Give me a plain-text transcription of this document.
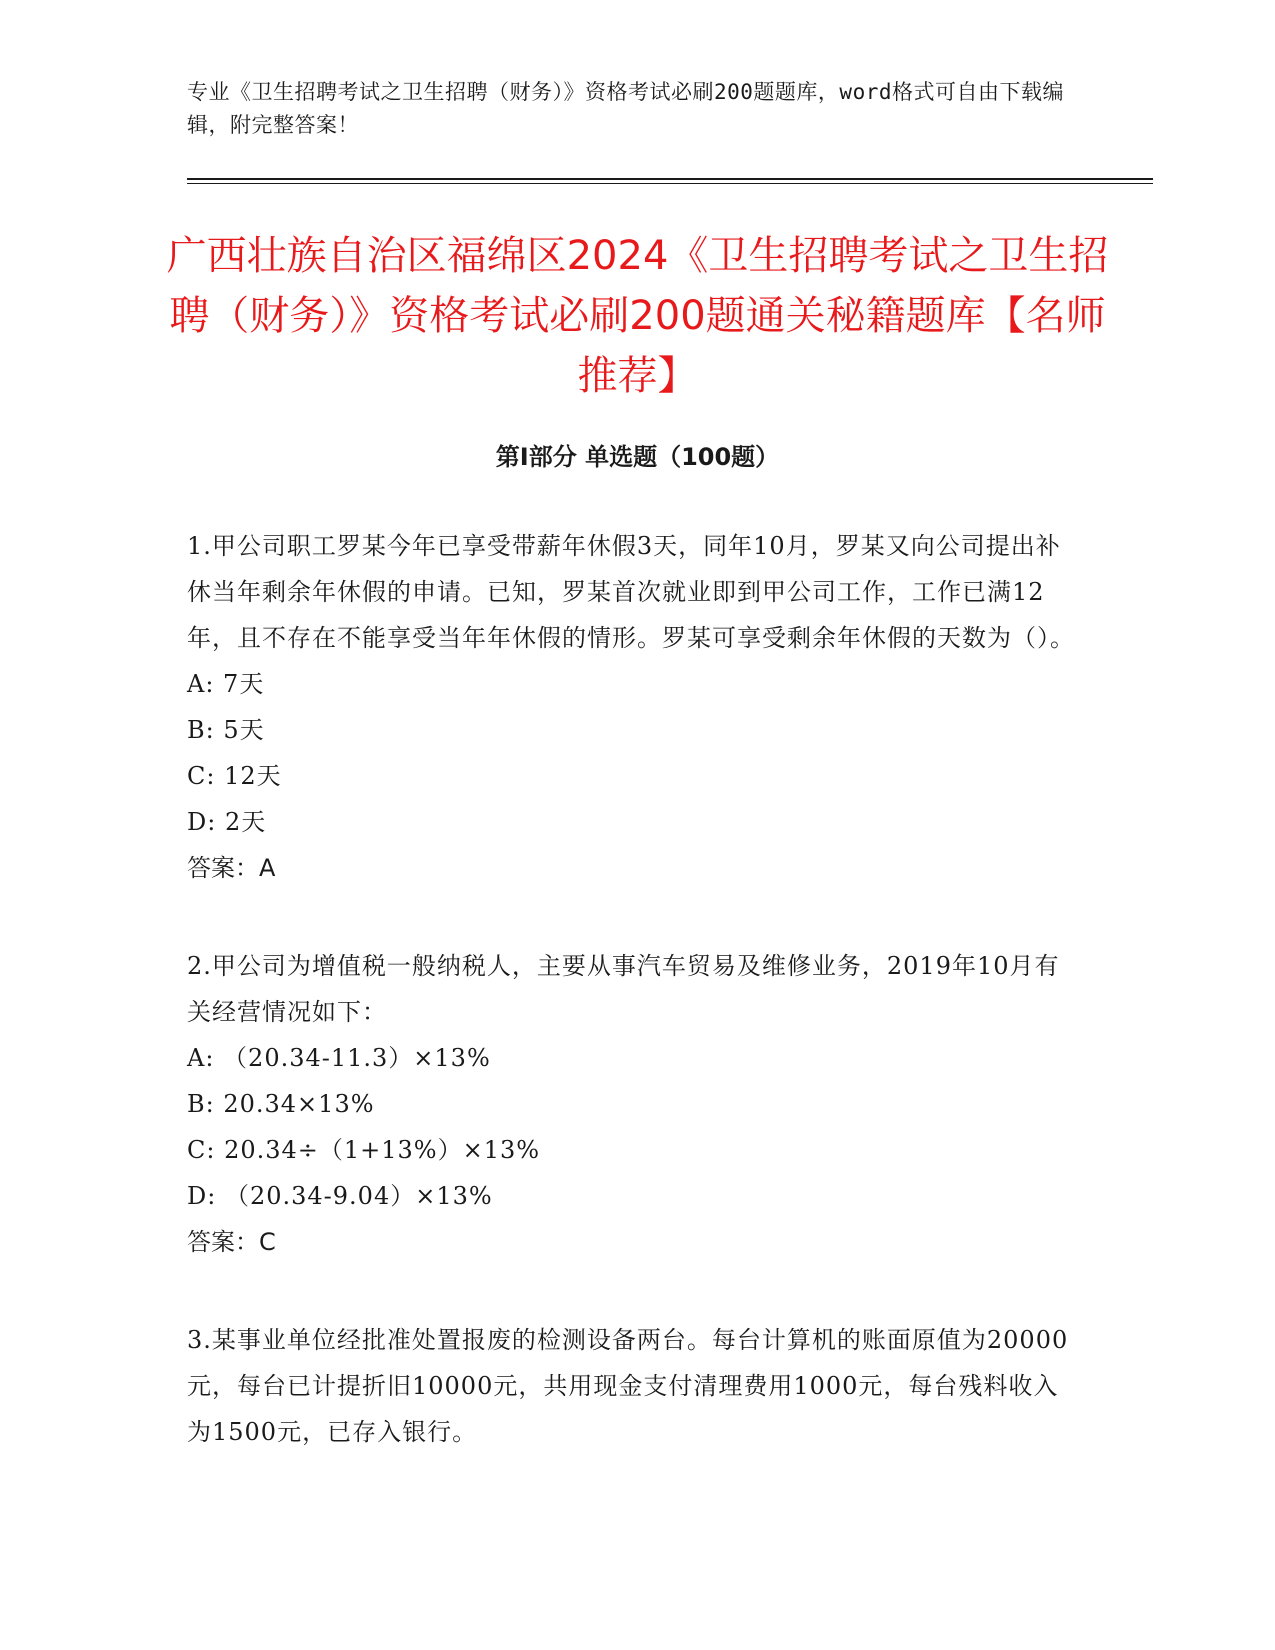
专业《卫生招聘考试之卫生招聘（财务）》资格考试必刷200题题库，word格式可自由下载编辑，附完整答案！
广西壮族自治区福绵区2024《卫生招聘考试之卫生招聘（财务）》资格考试必刷200题通关秘籍题库【名师推荐】
第Ⅰ部分 单选题（100题）

1.甲公司职工罗某今年已享受带薪年休假3天，同年10月，罗某又向公司提出补休当年剩余年休假的申请。已知，罗某首次就业即到甲公司工作，工作已满12年，且不存在不能享受当年年休假的情形。罗某可享受剩余年休假的天数为（）。

A: 7天

B: 5天

C: 12天

D: 2天

答案：A

2.甲公司为增值税一般纳税人，主要从事汽车贸易及维修业务，2019年10月有关经营情况如下：

A: （20.34-11.3）×13%

B: 20.34×13%

C: 20.34÷（1+13%）×13%

D: （20.34-9.04）×13%

答案：C

3.某事业单位经批准处置报废的检测设备两台。每台计算机的账面原值为20000元，每台已计提折旧10000元，共用现金支付清理费用1000元，每台残料收入为1500元，已存入银行。
